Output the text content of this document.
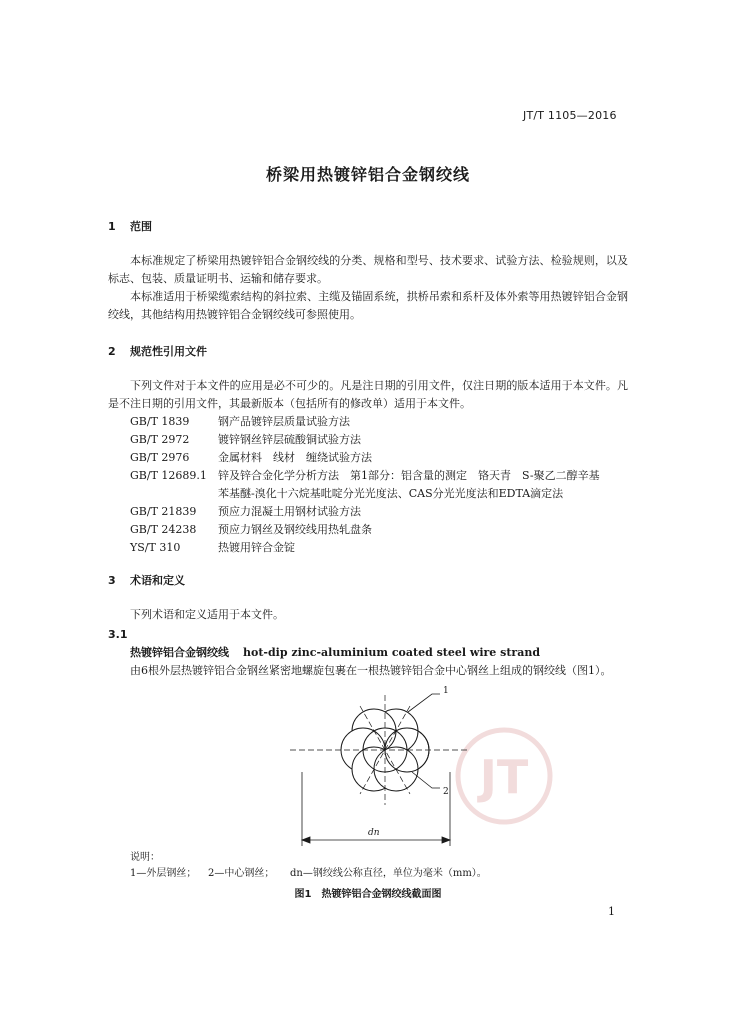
JT/T 1105—2016
桥梁用热镀锌铝合金钢绞线
1 范围
本标准规定了桥梁用热镀锌铝合金钢绞线的分类、规格和型号、技术要求、试验方法、检验规则，以及标志、包装、质量证明书、运输和储存要求。
本标准适用于桥梁缆索结构的斜拉索、主缆及锚固系统，拱桥吊索和系杆及体外索等用热镀锌铝合金钢绞线，其他结构用热镀锌铝合金钢绞线可参照使用。
2 规范性引用文件
下列文件对于本文件的应用是必不可少的。凡是注日期的引用文件，仅注日期的版本适用于本文件。凡是不注日期的引用文件，其最新版本（包括所有的修改单）适用于本文件。
GB/T 1839	钢产品镀锌层质量试验方法
GB/T 2972	镀锌钢丝锌层硫酸铜试验方法
GB/T 2976	金属材料　线材　缠绕试验方法
GB/T 12689.1	锌及锌合金化学分析方法　第1部分：铝含量的测定　铬天青　S-聚乙二醇辛基
苯基醚-溴化十六烷基吡啶分光光度法、CAS分光光度法和EDTA滴定法
GB/T 21839	预应力混凝土用钢材试验方法
GB/T 24238	预应力钢丝及钢绞线用热轧盘条
YS/T 310	热镀用锌合金锭
3 术语和定义
下列术语和定义适用于本文件。
3.1
热镀锌铝合金钢绞线 hot-dip zinc-aluminium coated steel wire strand
由6根外层热镀锌铝合金钢丝紧密地螺旋包裹在一根热镀锌铝合金中心钢丝上组成的钢绞线（图1）。
JT
1
2
dn
说明：
1—外层钢丝； 2—中心钢丝； dn—钢绞线公称直径，单位为毫米（mm）。
图1　热镀锌铝合金钢绞线截面图
1
